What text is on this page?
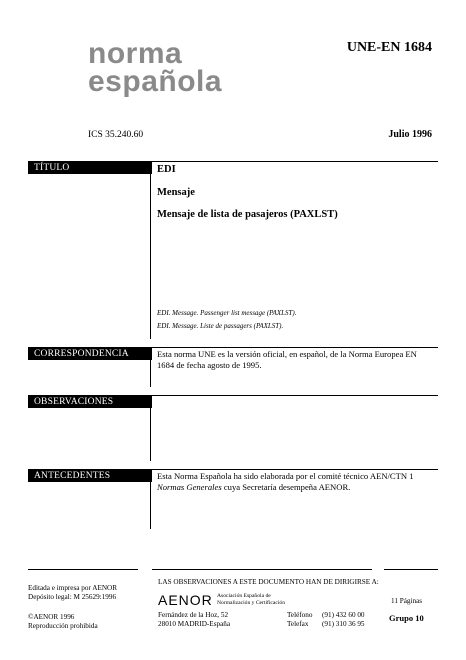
norma
española
UNE-EN 1684
ICS 35.240.60	Julio 1996
TÍTULO	EDI
Mensaje
Mensaje de lista de pasajeros (PAXLST)
EDI. Message. Passenger list message (PAXLST).
EDI. Message. Liste de passagers (PAXLST).
CORRESPONDENCIA	Esta norma UNE es la versión oficial, en español, de la Norma Europea EN 1684 de fecha agosto de 1995.
OBSERVACIONES
ANTECEDENTES	Esta Norma Española ha sido elaborada por el comité técnico AEN/CTN 1 Normas Generales cuya Secretaría desempeña AENOR.
Editada e impresa por AENOR
Depósito legal: M 25629:1996
©AENOR 1996
Reproducción prohibida
LAS OBSERVACIONES A ESTE DOCUMENTO HAN DE DIRIGIRSE A:
AENOR Asociación Española de
Normalización y Certificación
Fernández de la Hoz, 52
28010 MADRID-España
Teléfono (91) 432 60 00
Telefax (91) 310 36 95
11 Páginas
Grupo 10
